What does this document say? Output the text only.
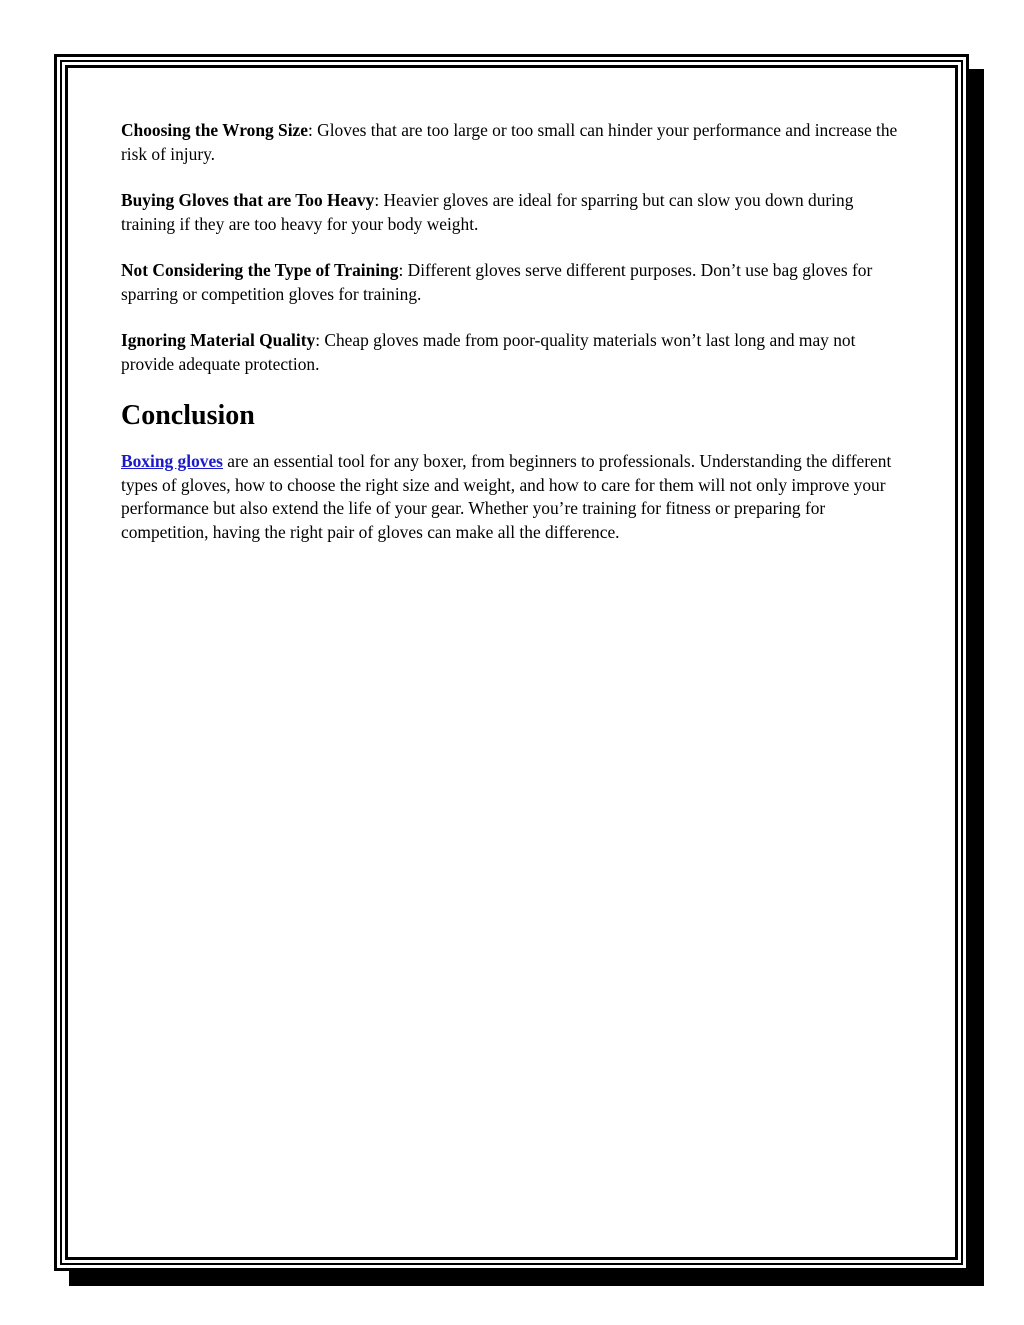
Choosing the Wrong Size: Gloves that are too large or too small can hinder your performance and increase the risk of injury.

Buying Gloves that are Too Heavy: Heavier gloves are ideal for sparring but can slow you down during training if they are too heavy for your body weight.

Not Considering the Type of Training: Different gloves serve different purposes. Don’t use bag gloves for sparring or competition gloves for training.

Ignoring Material Quality: Cheap gloves made from poor-quality materials won’t last long and may not provide adequate protection.

Conclusion

Boxing gloves are an essential tool for any boxer, from beginners to professionals. Understanding the different types of gloves, how to choose the right size and weight, and how to care for them will not only improve your performance but also extend the life of your gear. Whether you’re training for fitness or preparing for competition, having the right pair of gloves can make all the difference.
